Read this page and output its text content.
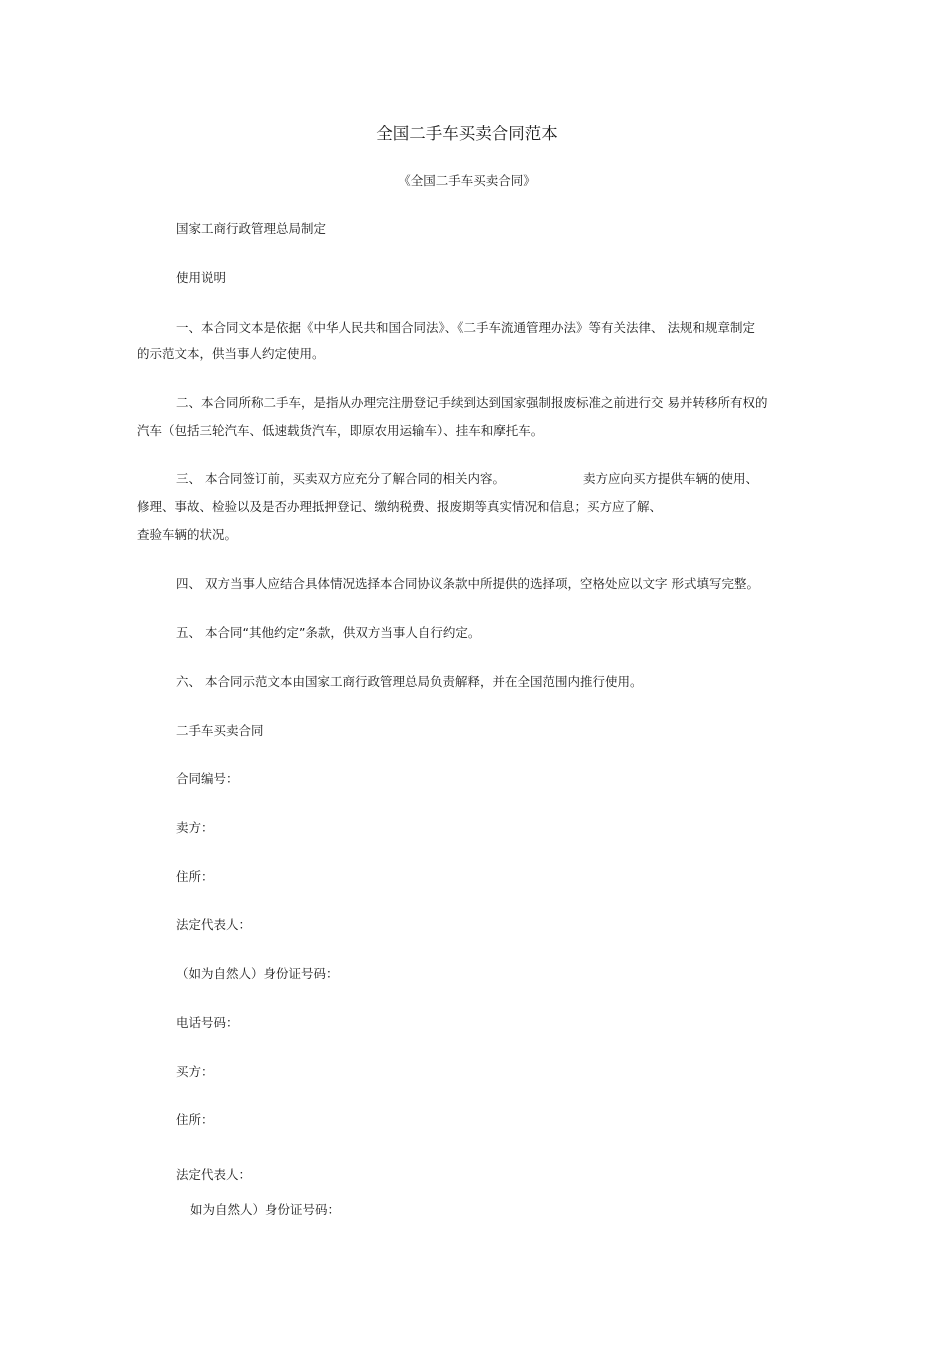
全国二手车买卖合同范本
《全国二手车买卖合同》
国家工商行政管理总局制定
使用说明
一、本合同文本是依据《中华人民共和国合同法》、《二手车流通管理办法》等有关法律、 法规和规章制定
的示范文本，供当事人约定使用。
二、本合同所称二手车，是指从办理完注册登记手续到达到国家强制报废标准之前进行交 易并转移所有权的
汽车（包括三轮汽车、低速载货汽车，即原农用运输车）、挂车和摩托车。
三、 本合同签订前，买卖双方应充分了解合同的相关内容。	卖方应向买方提供车辆的使用、
修理、事故、检验以及是否办理抵押登记、缴纳税费、报废期等真实情况和信息；买方应了解、
查验车辆的状况。
四、 双方当事人应结合具体情况选择本合同协议条款中所提供的选择项，空格处应以文字 形式填写完整。
五、 本合同“其他约定”条款，供双方当事人自行约定。
六、 本合同示范文本由国家工商行政管理总局负责解释，并在全国范围内推行使用。
二手车买卖合同
合同编号：
卖方：
住所：
法定代表人：
（如为自然人）身份证号码：
电话号码：
买方：
住所：
法定代表人：
如为自然人）身份证号码：
